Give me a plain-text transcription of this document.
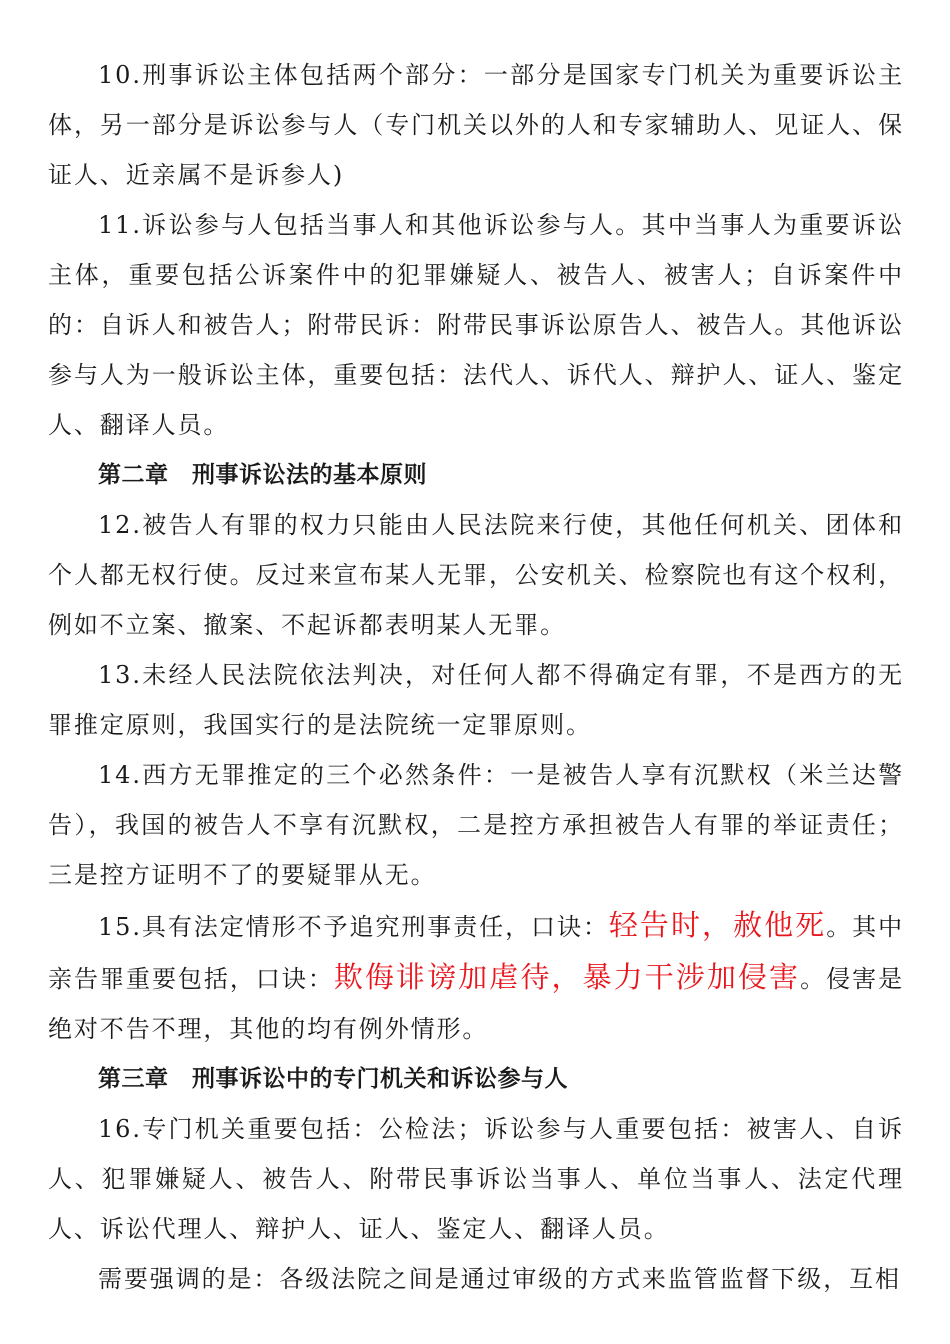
10.刑事诉讼主体包括两个部分：一部分是国家专门机关为重要诉讼主体，另一部分是诉讼参与人（专门机关以外的人和专家辅助人、见证人、保证人、近亲属不是诉参人)

11.诉讼参与人包括当事人和其他诉讼参与人。其中当事人为重要诉讼主体，重要包括公诉案件中的犯罪嫌疑人、被告人、被害人；自诉案件中的：自诉人和被告人；附带民诉：附带民事诉讼原告人、被告人。其他诉讼参与人为一般诉讼主体，重要包括：法代人、诉代人、辩护人、证人、鉴定人、翻译人员。

第二章　刑事诉讼法的基本原则

12.被告人有罪的权力只能由人民法院来行使，其他任何机关、团体和个人都无权行使。反过来宣布某人无罪，公安机关、检察院也有这个权利，例如不立案、撤案、不起诉都表明某人无罪。

13.未经人民法院依法判决，对任何人都不得确定有罪，不是西方的无罪推定原则，我国实行的是法院统一定罪原则。

14.西方无罪推定的三个必然条件：一是被告人享有沉默权（米兰达警告），我国的被告人不享有沉默权，二是控方承担被告人有罪的举证责任；三是控方证明不了的要疑罪从无。

15.具有法定情形不予追究刑事责任，口诀：轻告时，赦他死。其中亲告罪重要包括，口诀：欺侮诽谤加虐待，暴力干涉加侵害。侵害是绝对不告不理，其他的均有例外情形。

第三章　刑事诉讼中的专门机关和诉讼参与人

16.专门机关重要包括：公检法；诉讼参与人重要包括：被害人、自诉人、犯罪嫌疑人、被告人、附带民事诉讼当事人、单位当事人、法定代理人、诉讼代理人、辩护人、证人、鉴定人、翻译人员。

需要强调的是：各级法院之间是通过审级的方式来监管监督下级，互相
